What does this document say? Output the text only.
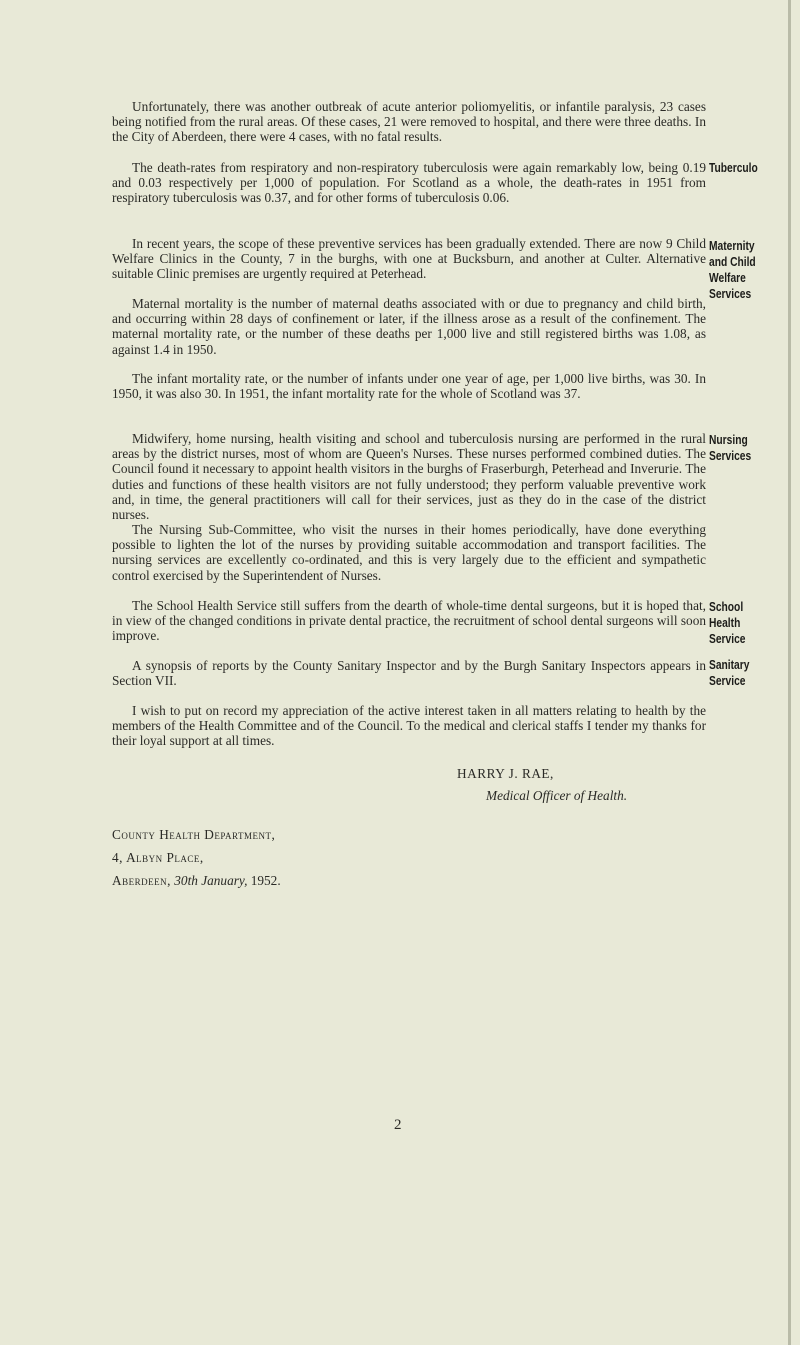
Unfortunately, there was another outbreak of acute anterior poliomyelitis, or infantile paralysis, 23 cases being notified from the rural areas. Of these cases, 21 were removed to hospital, and there were three deaths. In the City of Aberdeen, there were 4 cases, with no fatal results.
The death-rates from respiratory and non-respiratory tuberculosis were again remarkably low, being 0.19 and 0.03 respectively per 1,000 of population. For Scotland as a whole, the death-rates in 1951 from respiratory tuberculosis was 0.37, and for other forms of tuberculosis 0.06.
In recent years, the scope of these preventive services has been gradually extended. There are now 9 Child Welfare Clinics in the County, 7 in the burghs, with one at Bucksburn, and another at Culter. Alternative suitable Clinic premises are urgently required at Peterhead.
Maternal mortality is the number of maternal deaths associated with or due to pregnancy and child birth, and occurring within 28 days of confinement or later, if the illness arose as a result of the confinement. The maternal mortality rate, or the number of these deaths per 1,000 live and still registered births was 1.08, as against 1.4 in 1950.
The infant mortality rate, or the number of infants under one year of age, per 1,000 live births, was 30. In 1950, it was also 30. In 1951, the infant mortality rate for the whole of Scotland was 37.
Midwifery, home nursing, health visiting and school and tuberculosis nursing are performed in the rural areas by the district nurses, most of whom are Queen's Nurses. These nurses performed combined duties. The Council found it necessary to appoint health visitors in the burghs of Fraserburgh, Peterhead and Inverurie. The duties and functions of these health visitors are not fully understood; they perform valuable preventive work and, in time, the general practitioners will call for their services, just as they do in the case of the district nurses.
The Nursing Sub-Committee, who visit the nurses in their homes periodically, have done everything possible to lighten the lot of the nurses by providing suitable accommodation and transport facilities. The nursing services are excellently co-ordinated, and this is very largely due to the efficient and sympathetic control exercised by the Superintendent of Nurses.
The School Health Service still suffers from the dearth of whole-time dental surgeons, but it is hoped that, in view of the changed conditions in private dental practice, the recruitment of school dental surgeons will soon improve.
A synopsis of reports by the County Sanitary Inspector and by the Burgh Sanitary Inspectors appears in Section VII.
I wish to put on record my appreciation of the active interest taken in all matters relating to health by the members of the Health Committee and of the Council. To the medical and clerical staffs I tender my thanks for their loyal support at all times.
Tuberculo
Maternity
and Child
Welfare
Services
Nursing
Services
School
Health
Service
Sanitary
Service
HARRY J. RAE,
Medical Officer of Health.
County Health Department,
4, Albyn Place,
Aberdeen, 30th January, 1952.
2
